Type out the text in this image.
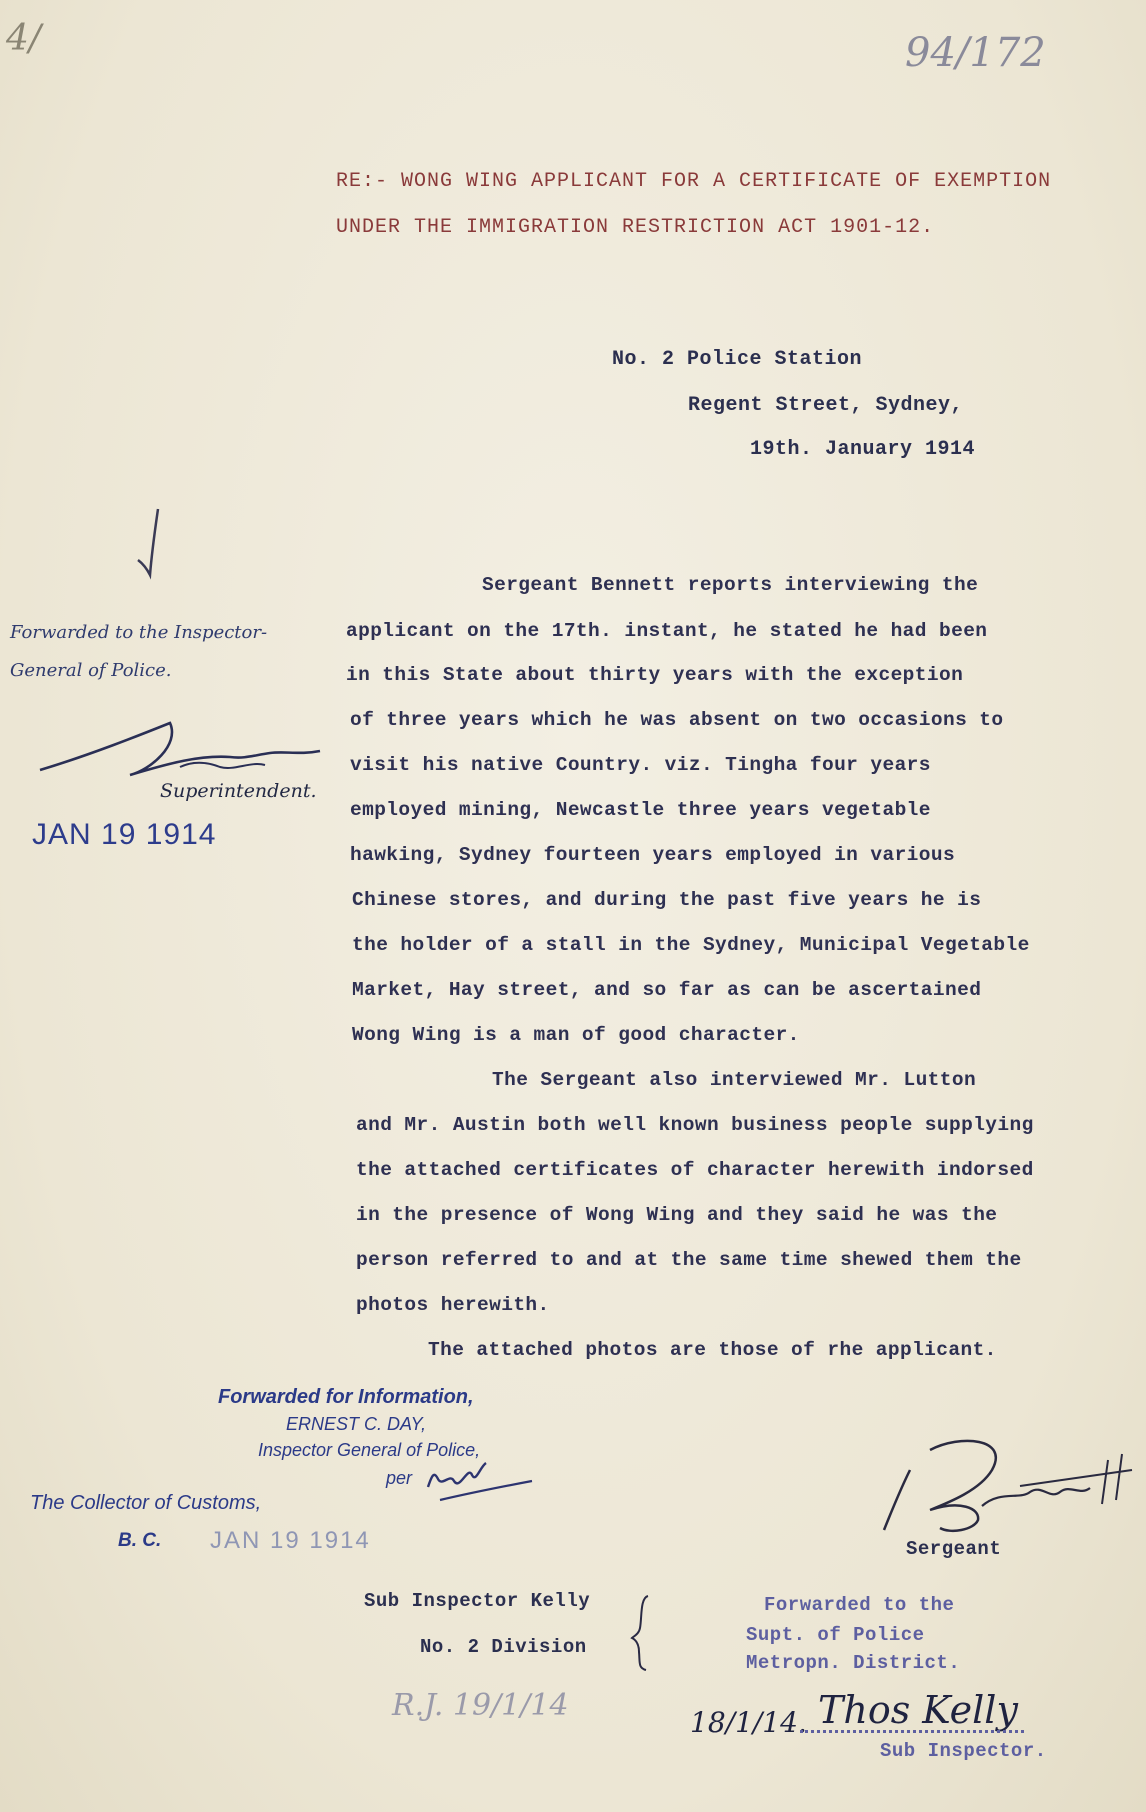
4/	94/172
RE:- WONG WING APPLICANT FOR A CERTIFICATE OF EXEMPTION
UNDER THE IMMIGRATION RESTRICTION ACT 1901-12.
No. 2 Police Station
Regent Street, Sydney,
19th. January 1914
Forwarded to the Inspector-
General of Police.
Superintendent.
JAN 19 1914
Sergeant Bennett reports interviewing the
applicant on the 17th. instant, he stated he had been
in this State about thirty years with the exception
of three years which he was absent on two occasions to
visit his native Country. viz. Tingha four years
employed mining, Newcastle three years vegetable
hawking, Sydney fourteen years employed in various
Chinese stores, and during the past five years he is
the holder of a stall in the Sydney, Municipal Vegetable
Market, Hay street, and so far as can be ascertained
Wong Wing is a man of good character.
The Sergeant also interviewed Mr. Lutton
and Mr. Austin both well known business people supplying
the attached certificates of character herewith indorsed
in the presence of Wong Wing and they said he was the
person referred to and at the same time shewed them the
photos herewith.
The attached photos are those of rhe applicant.
Forwarded for Information,
ERNEST C. DAY,
Inspector General of Police,
per
The Collector of Customs,
B. C. JAN 19 1914	Sergeant
Sub Inspector Kelly
No. 2 Division
Forwarded to the
Supt. of Police
Metropn. District.
R.J. 19/1/14	18/1/14. Thos Kelly
Sub Inspector.
